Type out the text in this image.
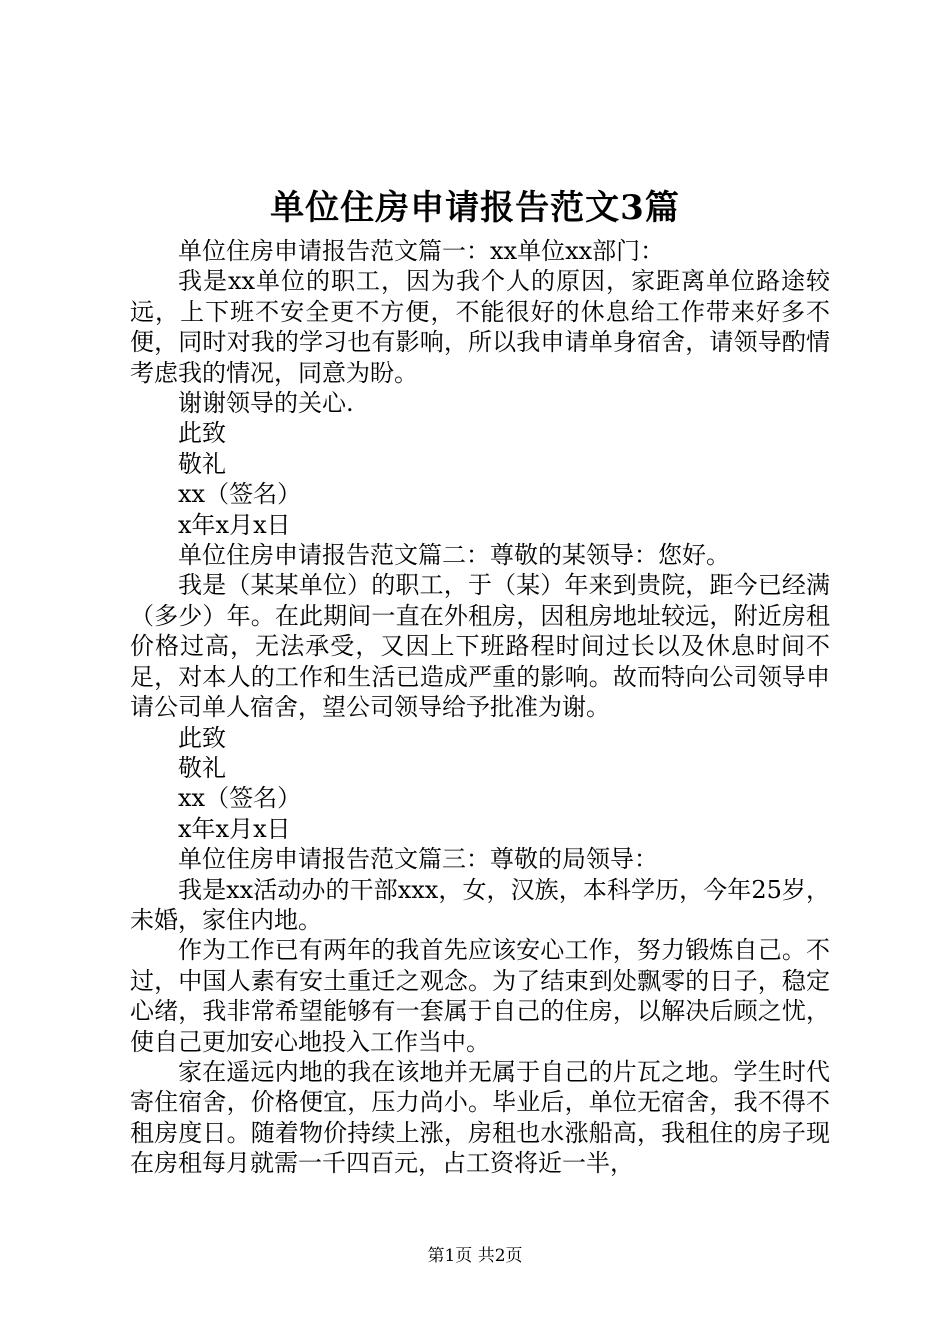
单位住房申请报告范文3篇

单位住房申请报告范文篇一：xx单位xx部门：

我是xx单位的职工，因为我个人的原因，家距离单位路途较远，上下班不安全更不方便，不能很好的休息给工作带来好多不便，同时对我的学习也有影响，所以我申请单身宿舍，请领导酌情考虑我的情况，同意为盼。

谢谢领导的关心.

此致

敬礼

xx（签名）

x年x月x日

单位住房申请报告范文篇二：尊敬的某领导：您好。

我是（某某单位）的职工，于（某）年来到贵院，距今已经满（多少）年。在此期间一直在外租房，因租房地址较远，附近房租价格过高，无法承受，又因上下班路程时间过长以及休息时间不足，对本人的工作和生活已造成严重的影响。故而特向公司领导申请公司单人宿舍，望公司领导给予批准为谢。

此致

敬礼

xx（签名）

x年x月x日

单位住房申请报告范文篇三：尊敬的局领导：

我是xx活动办的干部xxx，女，汉族，本科学历，今年25岁，未婚，家住内地。

作为工作已有两年的我首先应该安心工作，努力锻炼自己。不过，中国人素有安土重迁之观念。为了结束到处飘零的日子，稳定心绪，我非常希望能够有一套属于自己的住房，以解决后顾之忧，使自己更加安心地投入工作当中。

家在遥远内地的我在该地并无属于自己的片瓦之地。学生时代寄住宿舍，价格便宜，压力尚小。毕业后，单位无宿舍，我不得不租房度日。随着物价持续上涨，房租也水涨船高，我租住的房子现在房租每月就需一千四百元，占工资将近一半，

第1页 共2页
